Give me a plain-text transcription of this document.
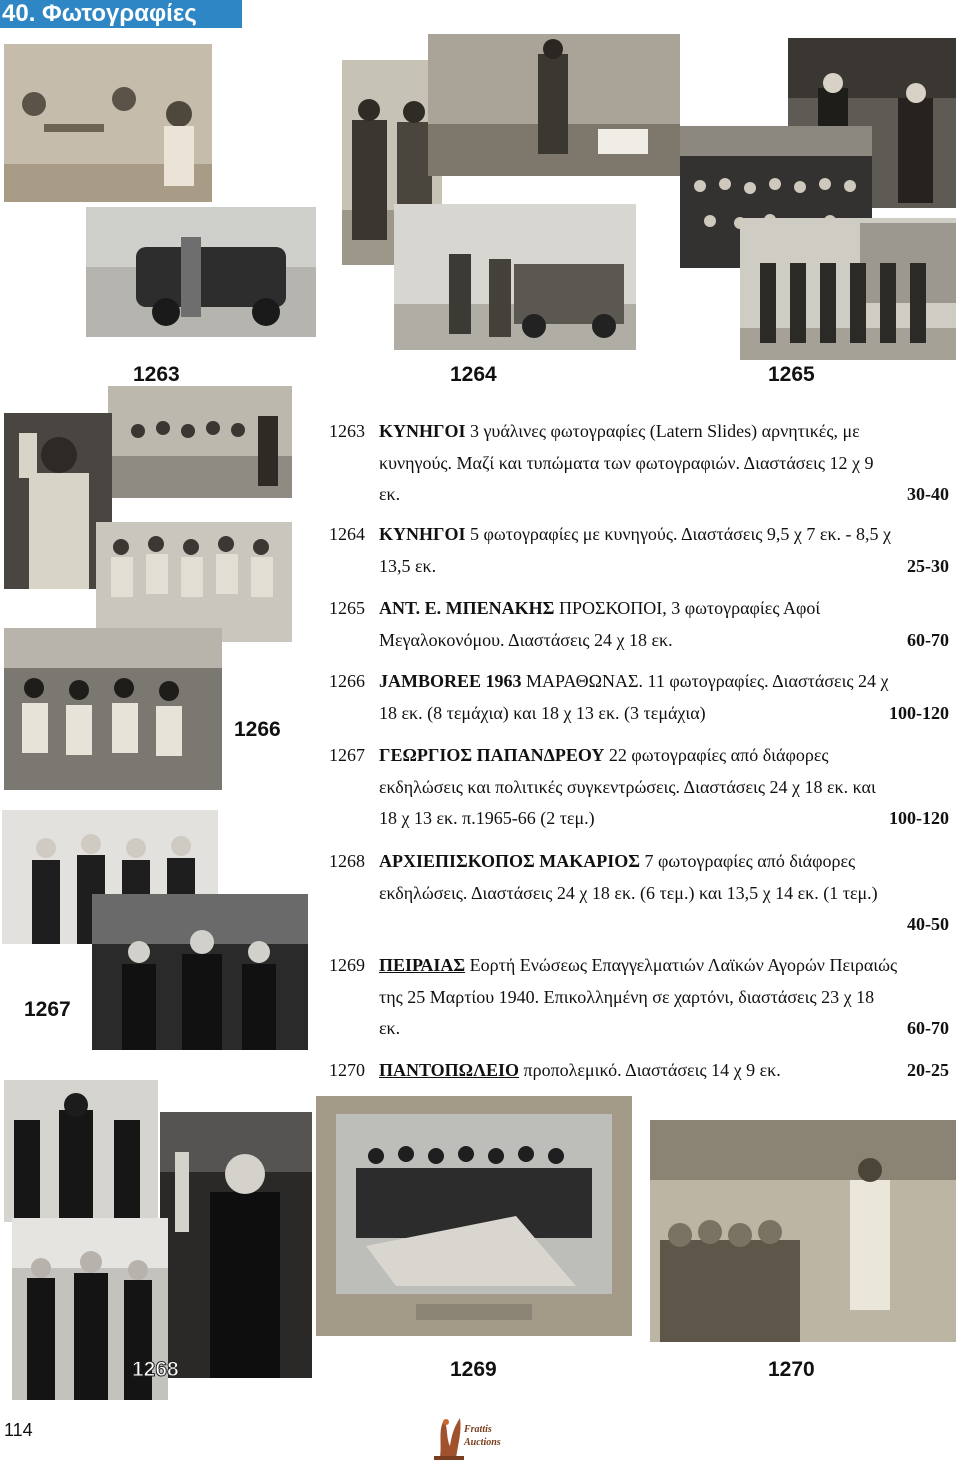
40. Φωτογραφίες
1263	1264	1265
1266
1267
1263 ΚΥΝΗΓΟΙ 3 γυάλινες φωτογραφίες (Latern Slides) αρνητικές, με
κυνηγούς. Μαζί και τυπώματα των φωτογραφιών. Διαστάσεις 12 χ 9
εκ.	30-40
1264 ΚΥΝΗΓΟΙ 5 φωτογραφίες με κυνηγούς. Διαστάσεις 9,5 χ 7 εκ. - 8,5 χ
13,5 εκ.	25-30
1265 ΑΝΤ. Ε. ΜΠΕΝΑΚΗΣ ΠΡΟΣΚΟΠΟΙ, 3 φωτογραφίες Αφοί
Μεγαλοκονόμου. Διαστάσεις 24 χ 18 εκ.	60-70
1266 JAMBOREE 1963 ΜΑΡΑΘΩΝΑΣ. 11 φωτογραφίες. Διαστάσεις 24 χ
18 εκ. (8 τεμάχια) και 18 χ 13 εκ. (3 τεμάχια)	100-120
1267 ΓΕΩΡΓΙΟΣ ΠΑΠΑΝΔΡΕΟΥ 22 φωτογραφίες από διάφορες
εκδηλώσεις και πολιτικές συγκεντρώσεις. Διαστάσεις 24 χ 18 εκ. και
18 χ 13 εκ. π.1965-66 (2 τεμ.)	100-120
1268 ΑΡΧΙΕΠΙΣΚΟΠΟΣ ΜΑΚΑΡΙΟΣ 7 φωτογραφίες από διάφορες
εκδηλώσεις. Διαστάσεις 24 χ 18 εκ. (6 τεμ.) και 13,5 χ 14 εκ. (1 τεμ.)
40-50
1269 ΠΕΙΡΑΙΑΣ Εορτή Ενώσεως Επαγγελματιών Λαϊκών Αγορών Πειραιώς
της 25 Μαρτίου 1940. Επικολλημένη σε χαρτόνι, διαστάσεις 23 χ 18
εκ.	60-70
1270 ΠΑΝΤΟΠΩΛΕΙΟ προπολεμικό. Διαστάσεις 14 χ 9 εκ.	20-25
1268	1269	1270
114	Frattis
Auctions
